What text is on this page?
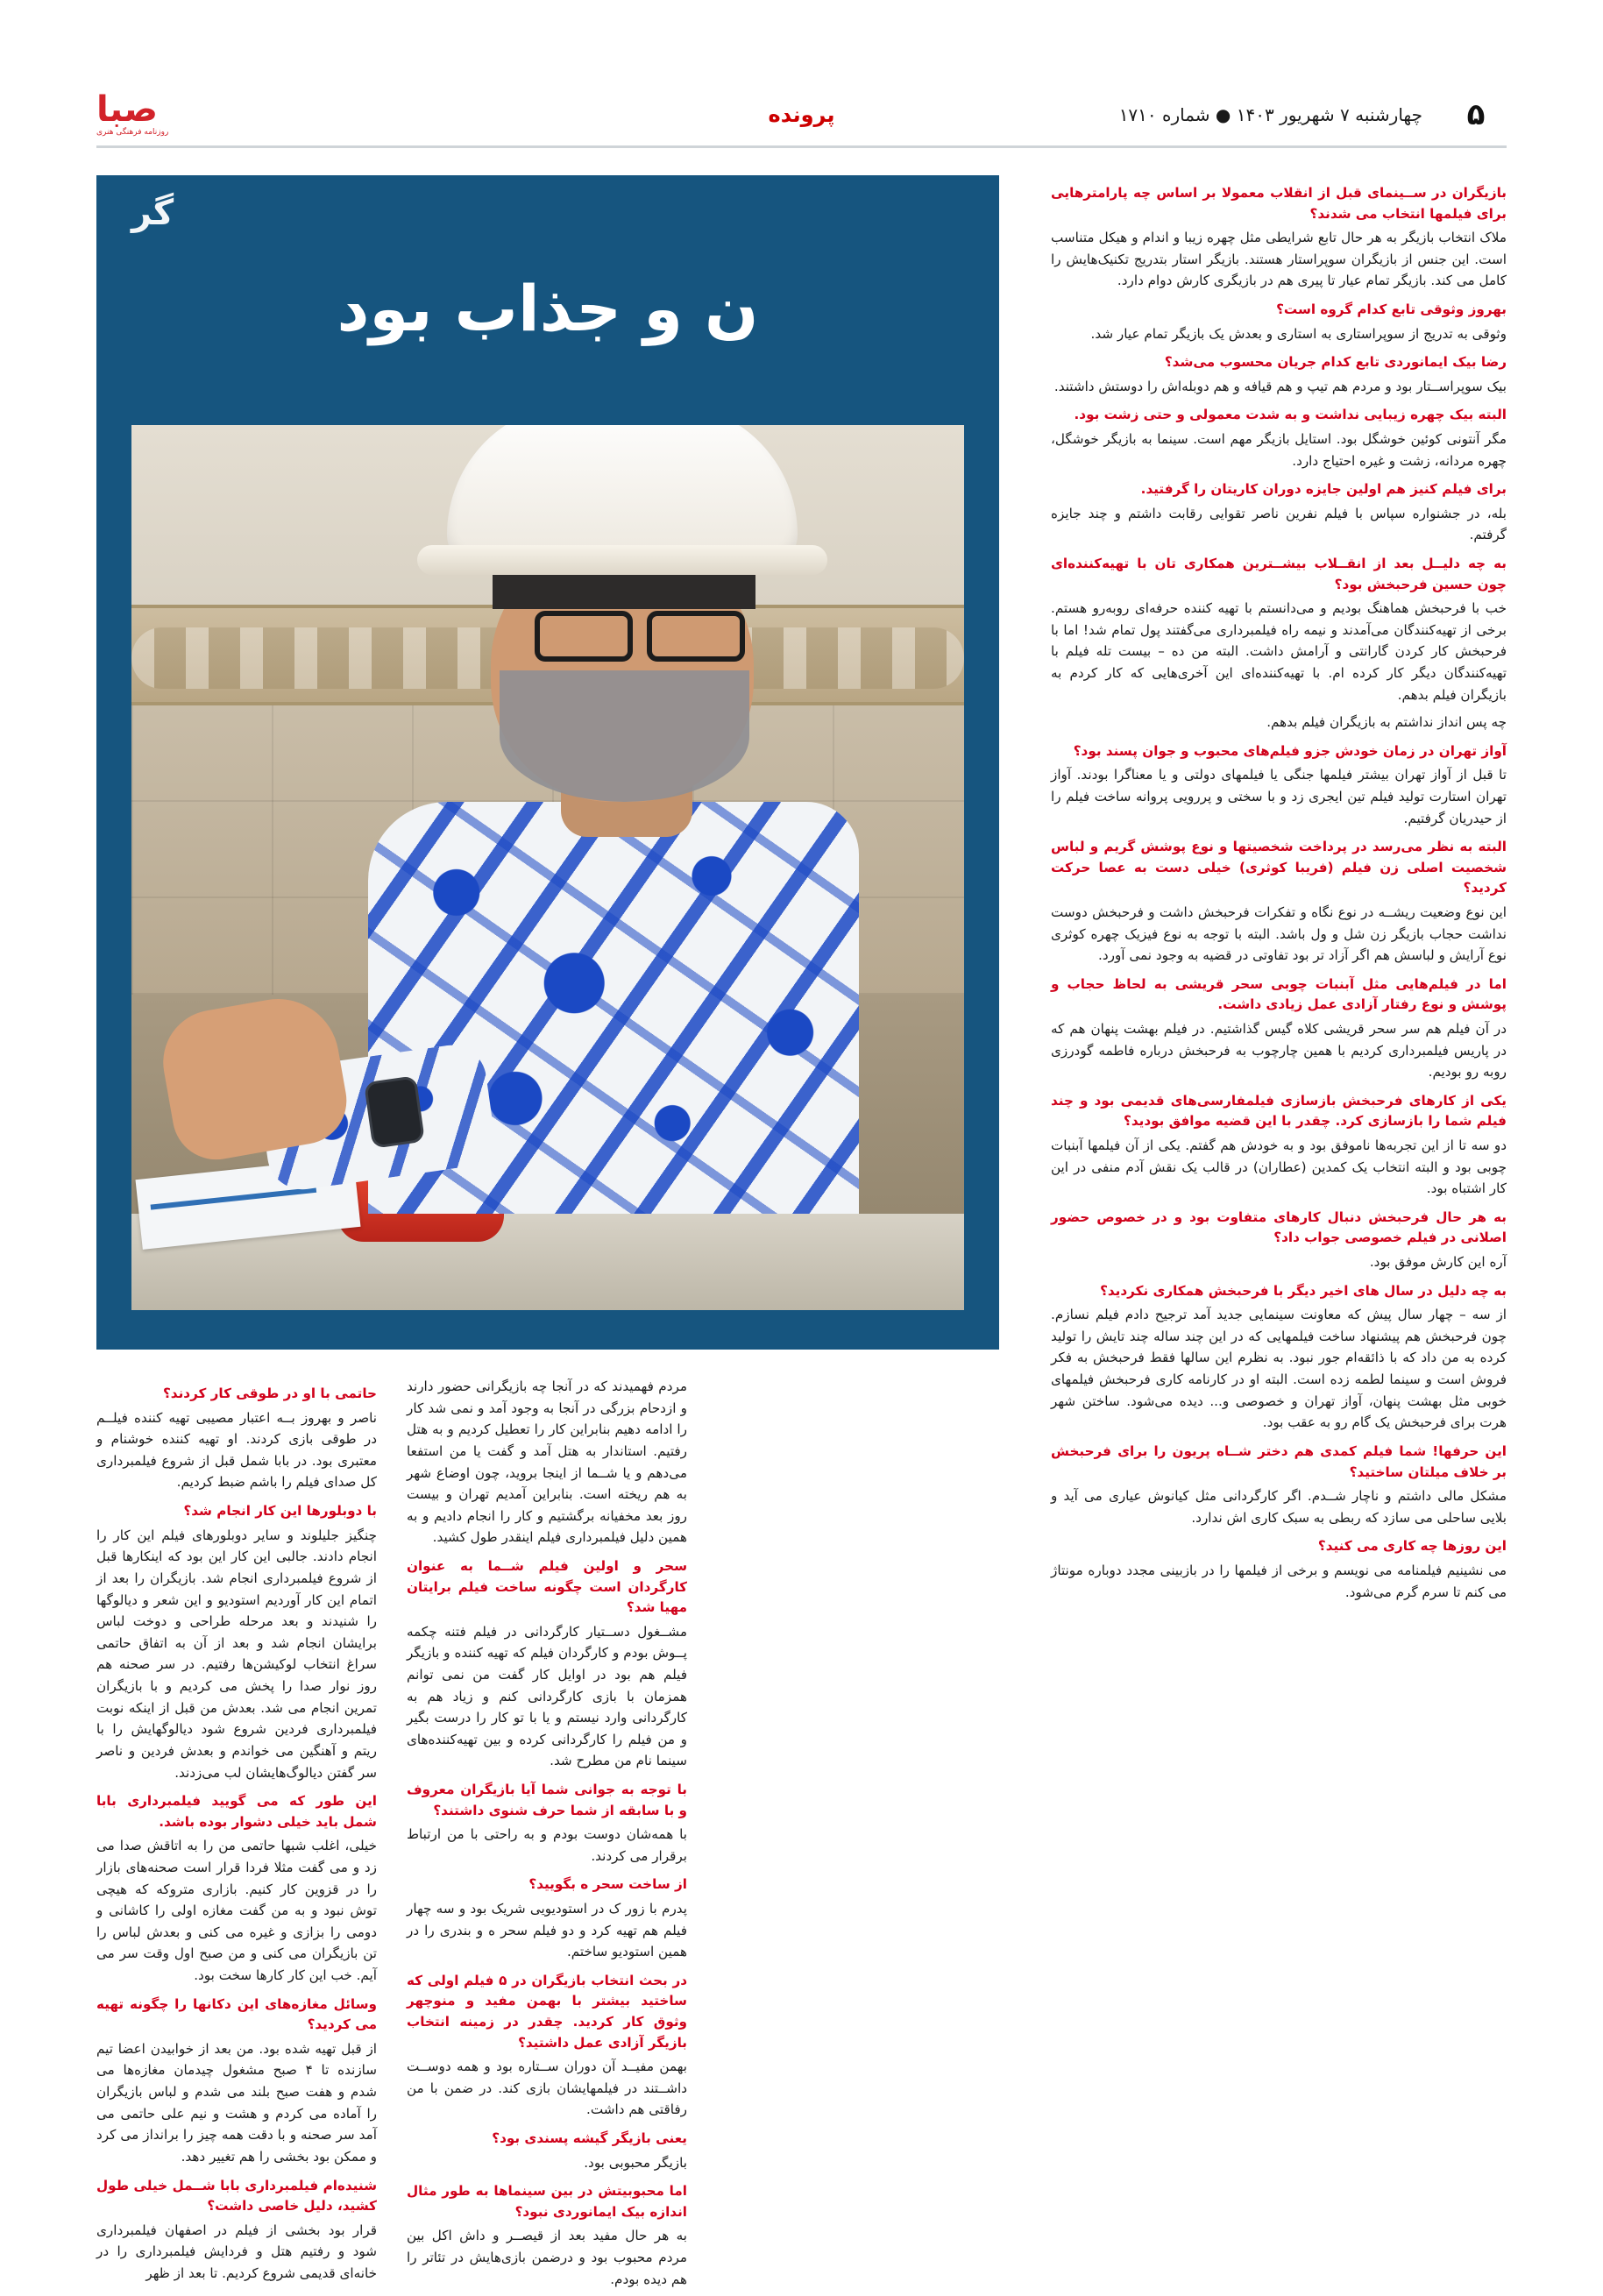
۵
چهارشنبه ۷ شهریور ۱۴۰۳ ● شماره ۱۷۱۰
صبا
روزنامه فرهنگی هنری
پرونده
گر
ن و جذاب بود

بازیگران در ســینمای قبل از انقلاب معمولا بر اساس چه پارامترهایی برای فیلمها انتخاب می شدند؟

ملاک انتخاب بازیگر به هر حال تابع شرایطی مثل چهره زیبا و اندام و هیکل متناسب است. این جنس از بازیگران سوپراستار هستند. بازیگر استار بتدریج تکنیک‌هایش را کامل می کند. بازیگر تمام عیار تا پیری هم در بازیگری کارش دوام دارد.

بهروز وثوقی تابع کدام گروه است؟

وثوقی به تدریج از سوپراستاری به استاری و بعدش یک بازیگر تمام عیار شد.

رضا بیک ایمانوردی تابع کدام جریان محسوب می‌شد؟

بیک سوپراســتار بود و مردم هم تیپ و هم قیافه و هم دوبله‌اش را دوستش داشتند.

البته بیک چهره زیبایی نداشت و به شدت معمولی و حتی زشت بود.

مگر آنتونی کوئین خوشگل بود. استایل بازیگر مهم است. سینما به بازیگر خوشگل، چهره مردانه، زشت و غیره احتیاج دارد.

برای فیلم کنیز هم اولین جایزه دوران کاریتان را گرفتید.

بله، در جشنواره سپاس با فیلم نفرین ناصر تقوایی رقابت داشتم و چند جایزه گرفتم.

به چه دلیــل بعد از انقــلاب بیشــترین همکاری تان با تهیه‌کننده‌ای چون حسین فرحبخش بود؟

خب با فرحبخش هماهنگ بودیم و می‌دانستم با تهیه کننده حرفه‌ای روبه‌رو هستم. برخی از تهیه‌کنندگان می‌آمدند و نیمه راه فیلمبرداری می‌گفتند پول تمام شد! اما با فرحبخش کار کردن گارانتی و آرامش داشت. البته من ده – بیست تله فیلم با تهیه‌کنندگان دیگر کار کرده ام. با تهیه‌کننده‌ای این آخری‌هایی که کار کردم به بازیگران فیلم بدهم.

چه پس انداز نداشتم به بازیگران فیلم بدهم.

آواز تهران در زمان خودش جزو فیلم‌های محبوب و جوان پسند بود؟

تا قبل از آواز تهران بیشتر فیلمها جنگی یا فیلمهای دولتی و یا معناگرا بودند. آواز تهران استارت تولید فیلم تین ایجری زد و با سختی و پررویی پروانه ساخت فیلم را از حیدریان گرفتیم.

البته به نظر می‌رسد در پرداخت شخصیتها و نوع پوشش گریم و لباس شخصیت اصلی زن فیلم (فریبا کوثری) خیلی دست به عصا حرکت کردید؟

این نوع وضعیت ریشــه در نوع نگاه و تفکرات فرحبخش داشت و فرحبخش دوست نداشت حجاب بازیگر زن شل و ول باشد. البته با توجه به نوع فیزیک چهره کوثری نوع آرایش و لباسش هم اگر آزاد تر بود تفاوتی در قضیه به وجود نمی آورد.

اما در فیلم‌هایی مثل آبنبات چوبی سحر قریشی به لحاظ حجاب و پوشش و نوع رفتار آزادی عمل زیادی داشت.

در آن فیلم هم سر سحر قریشی کلاه گیس گذاشتیم. در فیلم بهشت پنهان هم که در پاریس فیلمبرداری کردیم با همین چارچوب به فرحبخش درباره فاطمه گودرزی روبه رو بودیم.

یکی از کارهای فرحبخش بازسازی فیلمفارسی‌های قدیمی بود و چند فیلم شما را بازسازی کرد. چقدر با این قضیه موافق بودید؟

دو سه تا از این تجربه‌ها ناموفق بود و به خودش هم گفتم. یکی از آن فیلمها آبنبات چوبی بود و البته انتخاب یک کمدین (عطاران) در قالب یک نقش آدم منفی در این کار اشتباه بود.

به هر حال فرحبخش دنبال کارهای متفاوت بود و در خصوص حضور اصلانی در فیلم خصوصی جواب داد؟

آره این کارش موفق بود.

به چه دلیل در سال های اخیر دیگر با فرحبخش همکاری نکردید؟

از سه – چهار سال پیش که معاونت سینمایی جدید آمد ترجیح دادم فیلم نسازم. چون فرحبخش هم پیشنهاد ساخت فیلمهایی که در این چند ساله چند تایش را تولید کرده به من داد که با ذائقه‌ام جور نبود. به نظرم این سالها فقط فرحبخش به فکر فروش است و سینما لطمه زده است. البته او در کارنامه کاری فرحبخش فیلمهای خوبی مثل بهشت پنهان، آواز تهران و خصوصی و... دیده می‌شود. ساختن شهر هرت برای فرحبخش یک گام رو به عقب بود.

این حرفها! شما فیلم کمدی هم دختر شــاه پریون را برای فرحبخش بر خلاف میلتان ساختید؟

مشکل مالی داشتم و ناچار شــدم. اگر کارگردانی مثل کیانوش عیاری می آید و بلایی ساحلی می سازد که ربطی به سبک کاری اش ندارد.

این روزها چه کاری می کنید؟

می نشینیم فیلمنامه می نویسم و برخی از فیلمها را در بازبینی مجدد دوباره مونتاژ می کنم تا سرم گرم می‌شود.

حاتمی با او در طوقی کار کردند؟

ناصر و بهروز بــه اعتبار مصیبی تهیه کننده فیلــم در طوقی بازی کردند. او تهیه کننده خوشنام و معتبری بود. در بابا شمل قبل از شروع فیلمبرداری کل صدای فیلم را باشم ضبط کردیم.

با دوبلورها این کار انجام شد؟

چنگیز جلیلوند و سایر دوبلورهای فیلم این کار را انجام دادند. جالبی این کار این بود که اینکارها قبل از شروع فیلمبرداری انجام شد. بازیگران را بعد از اتمام این کار آوردیم استودیو و این شعر و دیالوگها را شنیدند و بعد مرحله طراحی و دوخت لباس برایشان انجام شد و بعد از آن به اتفاق حاتمی سراغ انتخاب لوکیشن‌ها رفتیم. در سر صحنه هم روز نوار صدا را پخش می کردیم و با بازیگران تمرین انجام می شد. بعدش من قبل از اینکه نوبت فیلمبرداری فردین شروع شود دیالوگهایش را با ریتم و آهنگین می خواندم و بعدش فردین و ناصر سر گفتن دیالوگ‌هایشان لب می‌زدند.

این طور که می گویید فیلمبرداری بابا شمل باید خیلی دشوار بوده باشد.

خیلی، اغلب شبها حاتمی من را به اتاقش صدا می زد و می گفت مثلا فردا قرار است صحنه‌های بازار را در قزوین کار کنیم. بازاری متروکه که هیچی توش نبود و به من گفت مغازه اولی را کاشانی و دومی را بزازی و غیره می کنی و بعدش لباس را تن بازیگران می کنی و من صبح اول وقت سر می آیم. خب این کار کارها سخت بود.

وسائل مغازه‌های این دکانها را چگونه تهیه می کردید؟

از قبل تهیه شده بود. من بعد از خوابیدن اعضا تیم سازنده تا ۴ صبح مشغول چیدمان مغازه‌ها می شدم و هفت صبح بلند می شدم و لباس بازیگران را آماده می کردم و هشت و نیم علی حاتمی می آمد سر صحنه و با دقت همه چیز را برانداز می کرد و ممکن بود بخشی را هم تغییر دهد.

شنیده‌ام فیلمبرداری بابا شــمل خیلی طول کشید، دلیل خاصی داشت؟

قرار بود بخشی از فیلم در اصفهان فیلمبرداری شود و رفتیم هتل و فردایش فیلمبرداری را در خانه‌ای قدیمی شروع کردیم. تا بعد از ظهر

مردم فهمیدند که در آنجا چه بازیگرانی حضور دارند و ازدحام بزرگی در آنجا به وجود آمد و نمی شد کار را ادامه دهیم بنابراین کار را تعطیل کردیم و به هتل رفتیم. استاندار به هتل آمد و گفت یا من استفعا می‌دهم و یا شــما از اینجا بروید، چون اوضاع شهر به هم ریخته است. بنابراین آمدیم تهران و بیست روز بعد مخفیانه برگشتیم و کار را انجام دادیم و به همین دلیل فیلمبرداری فیلم اینقدر طول کشید.

سحر و اولین فیلم شــما به عنوان کارگردان است چگونه ساخت فیلم برایتان مهیا شد؟

مشــغول دســتیار کارگردانی در فیلم فتنه چکمه پــوش بودم و کارگردان فیلم که تهیه کننده و بازیگر فیلم هم بود در اوایل کار گفت من نمی توانم همزمان با بازی کارگردانی کنم و زیاد هم به کارگردانی وارد نیستم و یا با تو کار را درست بگیر و من فیلم را کارگردانی کرده و بین تهیه‌کننده‌های سینما نام من مطرح شد.

با توجه به جوانی شما آیا بازیگران معروف و با سابقه از شما حرف شنوی داشتند؟

با همه‌شان دوست بودم و به راحتی با من ارتباط برقرار می کردند.

از ساخت سحر ه بگویید؟

پدرم با زور ک در استودیویی شریک بود و سه چهار فیلم هم تهیه کرد و دو فیلم سحر ه و بندری را در همین استودیو ساختم.

در بحث انتخاب بازیگران در ۵ فیلم اولی که ساختید بیشتر با بهمن مفید و منوچهر وثوق کار کردید. چقدر در زمینه انتخاب بازیگر آزادی عمل داشتید؟

بهمن مفیــد آن دوران ســتاره بود و همه دوســت داشــتند در فیلمهایشان بازی کند. در ضمن با من رفاقتی هم داشت.

یعنی بازیگر گیشه پسندی بود؟

بازیگر محبوبی بود.

اما محبوبیتش در بین سینماها به طور مثال اندازه بیک ایمانوردی نبود؟

به هر حال مفید بعد از قیصــر و داش اکل بین مردم محبوب بود و درضمن بازی‌هایش در تئاتر را هم دیده بودم.
